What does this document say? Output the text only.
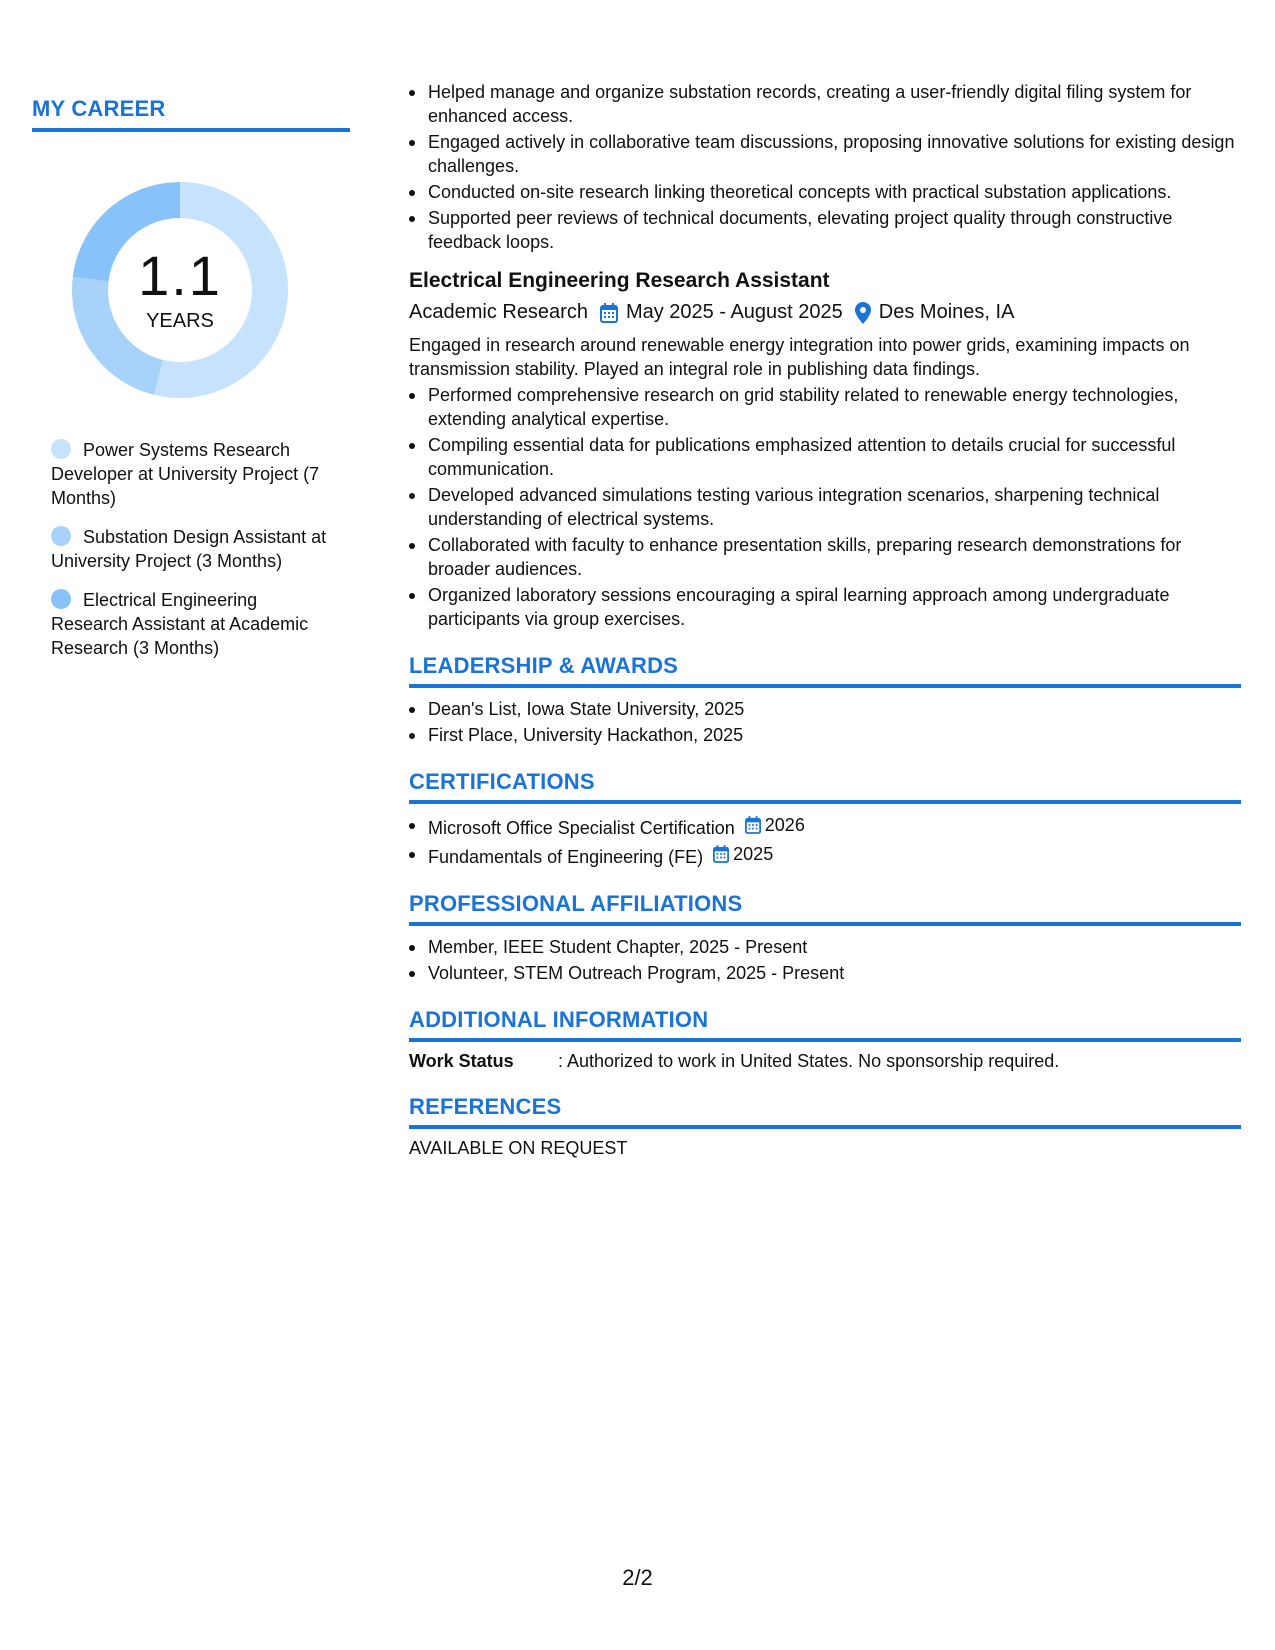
MY CAREER
1.1
YEARS
Power Systems Research Developer at University Project (7 Months)
Substation Design Assistant at University Project (3 Months)
Electrical Engineering Research Assistant at Academic Research (3 Months)
Helped manage and organize substation records, creating a user-friendly digital filing system for enhanced access.
Engaged actively in collaborative team discussions, proposing innovative solutions for existing design challenges.
Conducted on-site research linking theoretical concepts with practical substation applications.
Supported peer reviews of technical documents, elevating project quality through constructive feedback loops.
Electrical Engineering Research Assistant
Academic Research May 2025 - August 2025 Des Moines, IA
Engaged in research around renewable energy integration into power grids, examining impacts on transmission stability. Played an integral role in publishing data findings.
Performed comprehensive research on grid stability related to renewable energy technologies, extending analytical expertise.
Compiling essential data for publications emphasized attention to details crucial for successful communication.
Developed advanced simulations testing various integration scenarios, sharpening technical understanding of electrical systems.
Collaborated with faculty to enhance presentation skills, preparing research demonstrations for broader audiences.
Organized laboratory sessions encouraging a spiral learning approach among undergraduate participants via group exercises.
LEADERSHIP & AWARDS
Dean's List, Iowa State University, 2025
First Place, University Hackathon, 2025
CERTIFICATIONS
Microsoft Office Specialist Certification 2026
Fundamentals of Engineering (FE) 2025
PROFESSIONAL AFFILIATIONS
Member, IEEE Student Chapter, 2025 - Present
Volunteer, STEM Outreach Program, 2025 - Present
ADDITIONAL INFORMATION
Work Status	: Authorized to work in United States. No sponsorship required.
REFERENCES
AVAILABLE ON REQUEST
2/2
